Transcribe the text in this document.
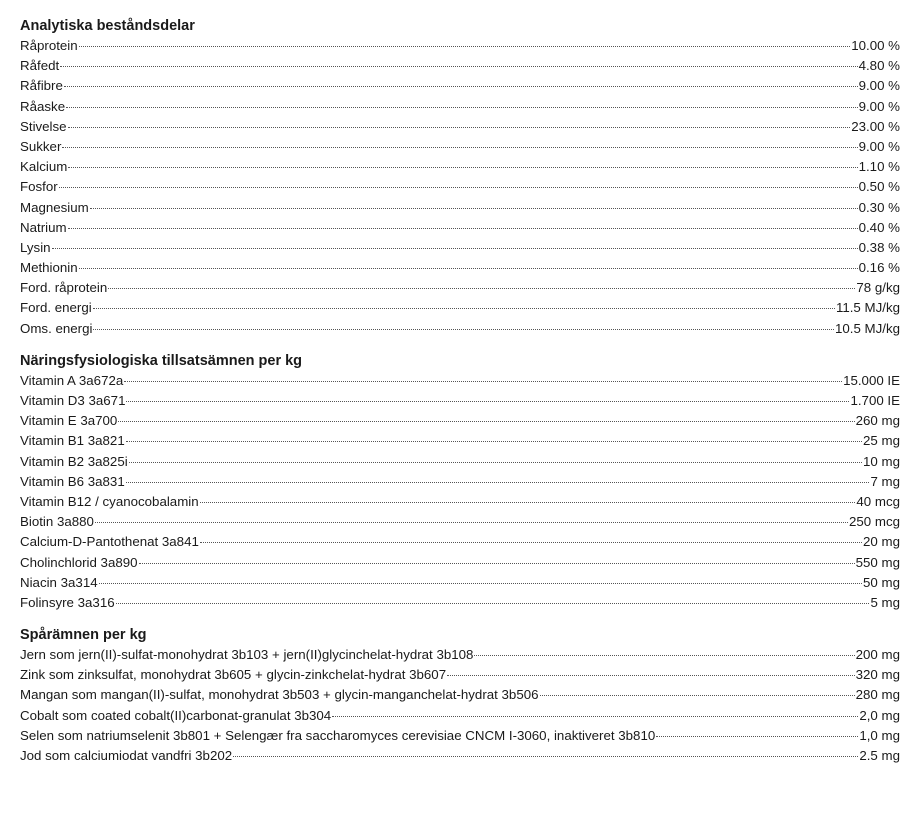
Analytiska beståndsdelar
Råprotein	10.00 %
Råfedt	4.80 %
Råfibre	9.00 %
Råaske	9.00 %
Stivelse	23.00 %
Sukker	9.00 %
Kalcium	1.10 %
Fosfor	0.50 %
Magnesium	0.30 %
Natrium	0.40 %
Lysin	0.38 %
Methionin	0.16 %
Ford. råprotein	78 g/kg
Ford. energi	11.5 MJ/kg
Oms. energi	10.5 MJ/kg
Näringsfysiologiska tillsatsämnen per kg
Vitamin A 3a672a	15.000 IE
Vitamin D3 3a671	1.700 IE
Vitamin E 3a700	260 mg
Vitamin B1 3a821	25 mg
Vitamin B2 3a825i	10 mg
Vitamin B6 3a831	7 mg
Vitamin B12 / cyanocobalamin	40 mcg
Biotin 3a880	250 mcg
Calcium-D-Pantothenat 3a841	20 mg
Cholinchlorid 3a890	550 mg
Niacin 3a314	50 mg
Folinsyre 3a316	5 mg
Spårämnen per kg
Jern som jern(II)-sulfat-monohydrat 3b103 + jern(II)glycinchelat-hydrat 3b108	200 mg
Zink som zinksulfat, monohydrat 3b605 + glycin-zinkchelat-hydrat 3b607	320 mg
Mangan som mangan(II)-sulfat, monohydrat 3b503 + glycin-manganchelat-hydrat 3b506	280 mg
Cobalt som coated cobalt(II)carbonat-granulat 3b304	2,0 mg
Selen som natriumselenit 3b801 + Selengær fra saccharomyces cerevisiae CNCM I-3060, inaktiveret 3b810	1,0 mg
Jod som calciumiodat vandfri 3b202	2.5 mg
